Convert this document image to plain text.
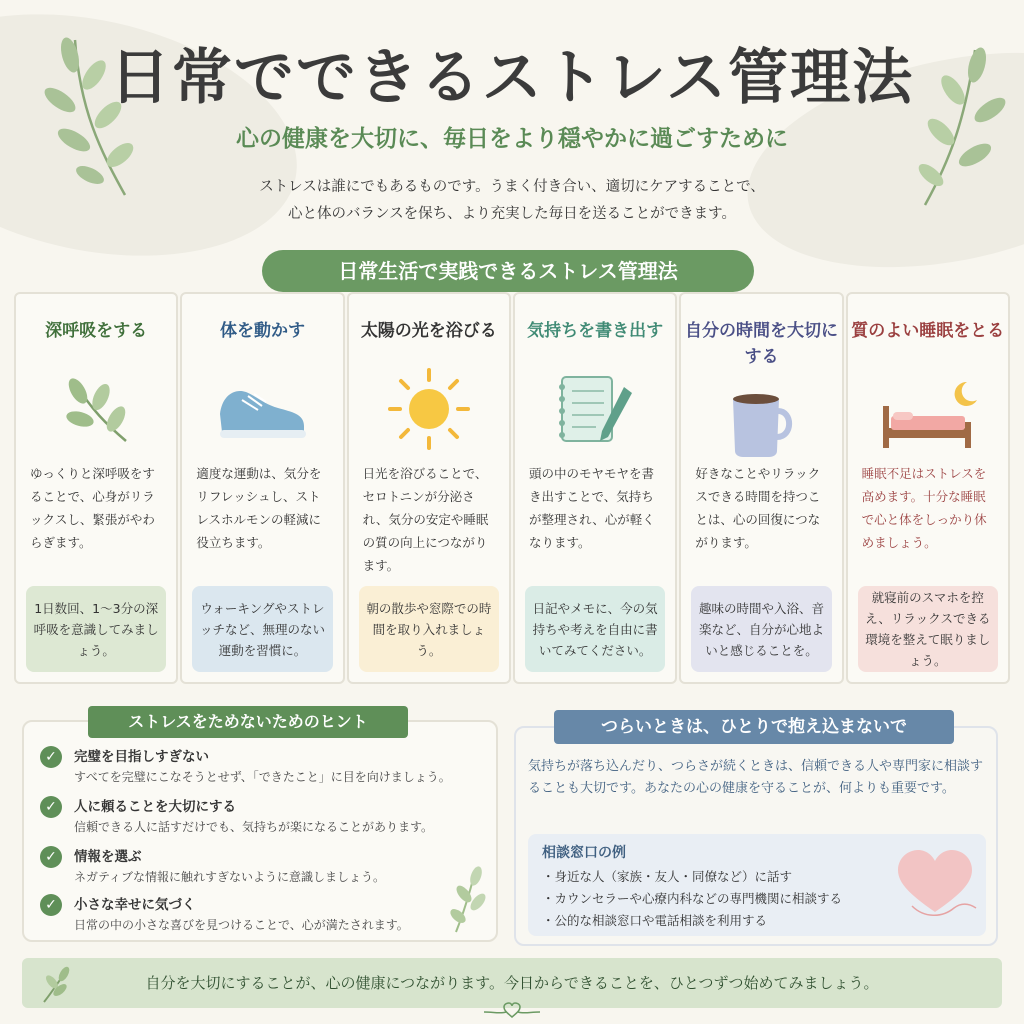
日常でできるストレス管理法
心の健康を大切に、毎日をより穏やかに過ごすために
ストレスは誰にでもあるものです。うまく付き合い、適切にケアすることで、
心と体のバランスを保ち、より充実した毎日を送ることができます。
日常生活で実践できるストレス管理法
深呼吸をする
ゆっくりと深呼吸をすることで、心身がリラックスし、緊張がやわらぎます。
1日数回、1〜3分の深呼吸を意識してみましょう。
体を動かす
適度な運動は、気分をリフレッシュし、ストレスホルモンの軽減に役立ちます。
ウォーキングやストレッチなど、無理のない運動を習慣に。
太陽の光を浴びる
日光を浴びることで、セロトニンが分泌され、気分の安定や睡眠の質の向上につながります。
朝の散歩や窓際での時間を取り入れましょう。
気持ちを書き出す
頭の中のモヤモヤを書き出すことで、気持ちが整理され、心が軽くなります。
日記やメモに、今の気持ちや考えを自由に書いてみてください。
自分の時間を大切にする
好きなことやリラックスできる時間を持つことは、心の回復につながります。
趣味の時間や入浴、音楽など、自分が心地よいと感じることを。
質のよい睡眠をとる
睡眠不足はストレスを高めます。十分な睡眠で心と体をしっかり休めましょう。
就寝前のスマホを控え、リラックスできる環境を整えて眠りましょう。
ストレスをためないためのヒント
✓	完璧を目指しすぎない
すべてを完璧にこなそうとせず、「できたこと」に目を向けましょう。
✓	人に頼ることを大切にする
信頼できる人に話すだけでも、気持ちが楽になることがあります。
✓	情報を選ぶ
ネガティブな情報に触れすぎないように意識しましょう。
✓	小さな幸せに気づく
日常の中の小さな喜びを見つけることで、心が満たされます。
つらいときは、ひとりで抱え込まないで
気持ちが落ち込んだり、つらさが続くときは、信頼できる人や専門家に相談することも大切です。あなたの心の健康を守ることが、何よりも重要です。
相談窓口の例
・身近な人（家族・友人・同僚など）に話す
・カウンセラーや心療内科などの専門機関に相談する
・公的な相談窓口や電話相談を利用する
自分を大切にすることが、心の健康につながります。今日からできることを、ひとつずつ始めてみましょう。
